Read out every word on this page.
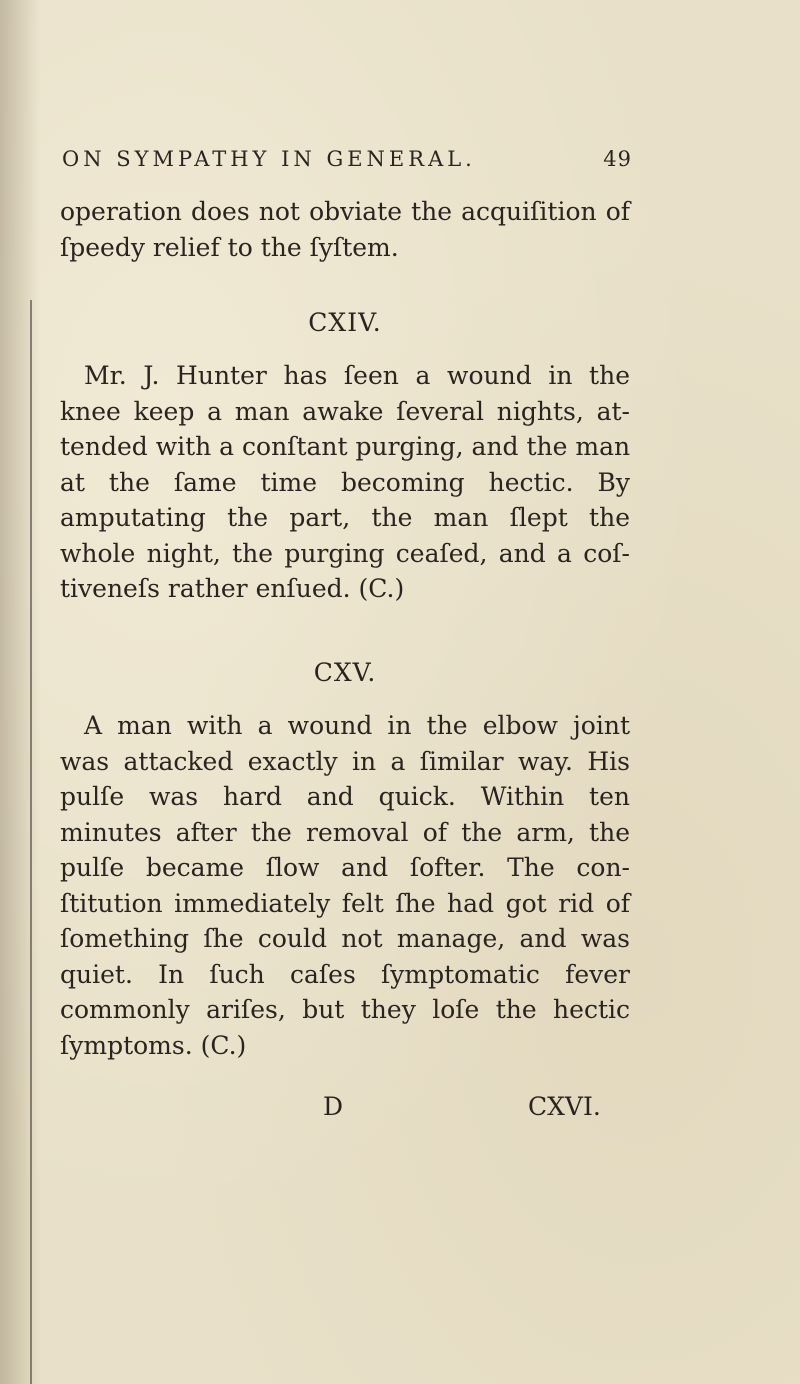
ON SYMPATHY IN GENERAL.	49
operation does not obviate the acquiſition of
ſpeedy relief to the ſyſtem.
CXIV.
Mr. J. Hunter has ſeen a wound in the
knee keep a man awake ſeveral nights, at-
tended with a conſtant purging, and the man
at the ſame time becoming hectic. By
amputating the part, the man ſlept the
whole night, the purging ceaſed, and a coſ-
tiveneſs rather enſued. (C.)
CXV.
A man with a wound in the elbow joint
was attacked exactly in a ſimilar way. His
pulſe was hard and quick. Within ten
minutes after the removal of the arm, the
pulſe became ſlow and ſofter. The con-
ſtitution immediately felt ſhe had got rid of
ſomething ſhe could not manage, and was
quiet. In ſuch caſes ſymptomatic fever
commonly ariſes, but they loſe the hectic
ſymptoms. (C.)
D	CXVI.
